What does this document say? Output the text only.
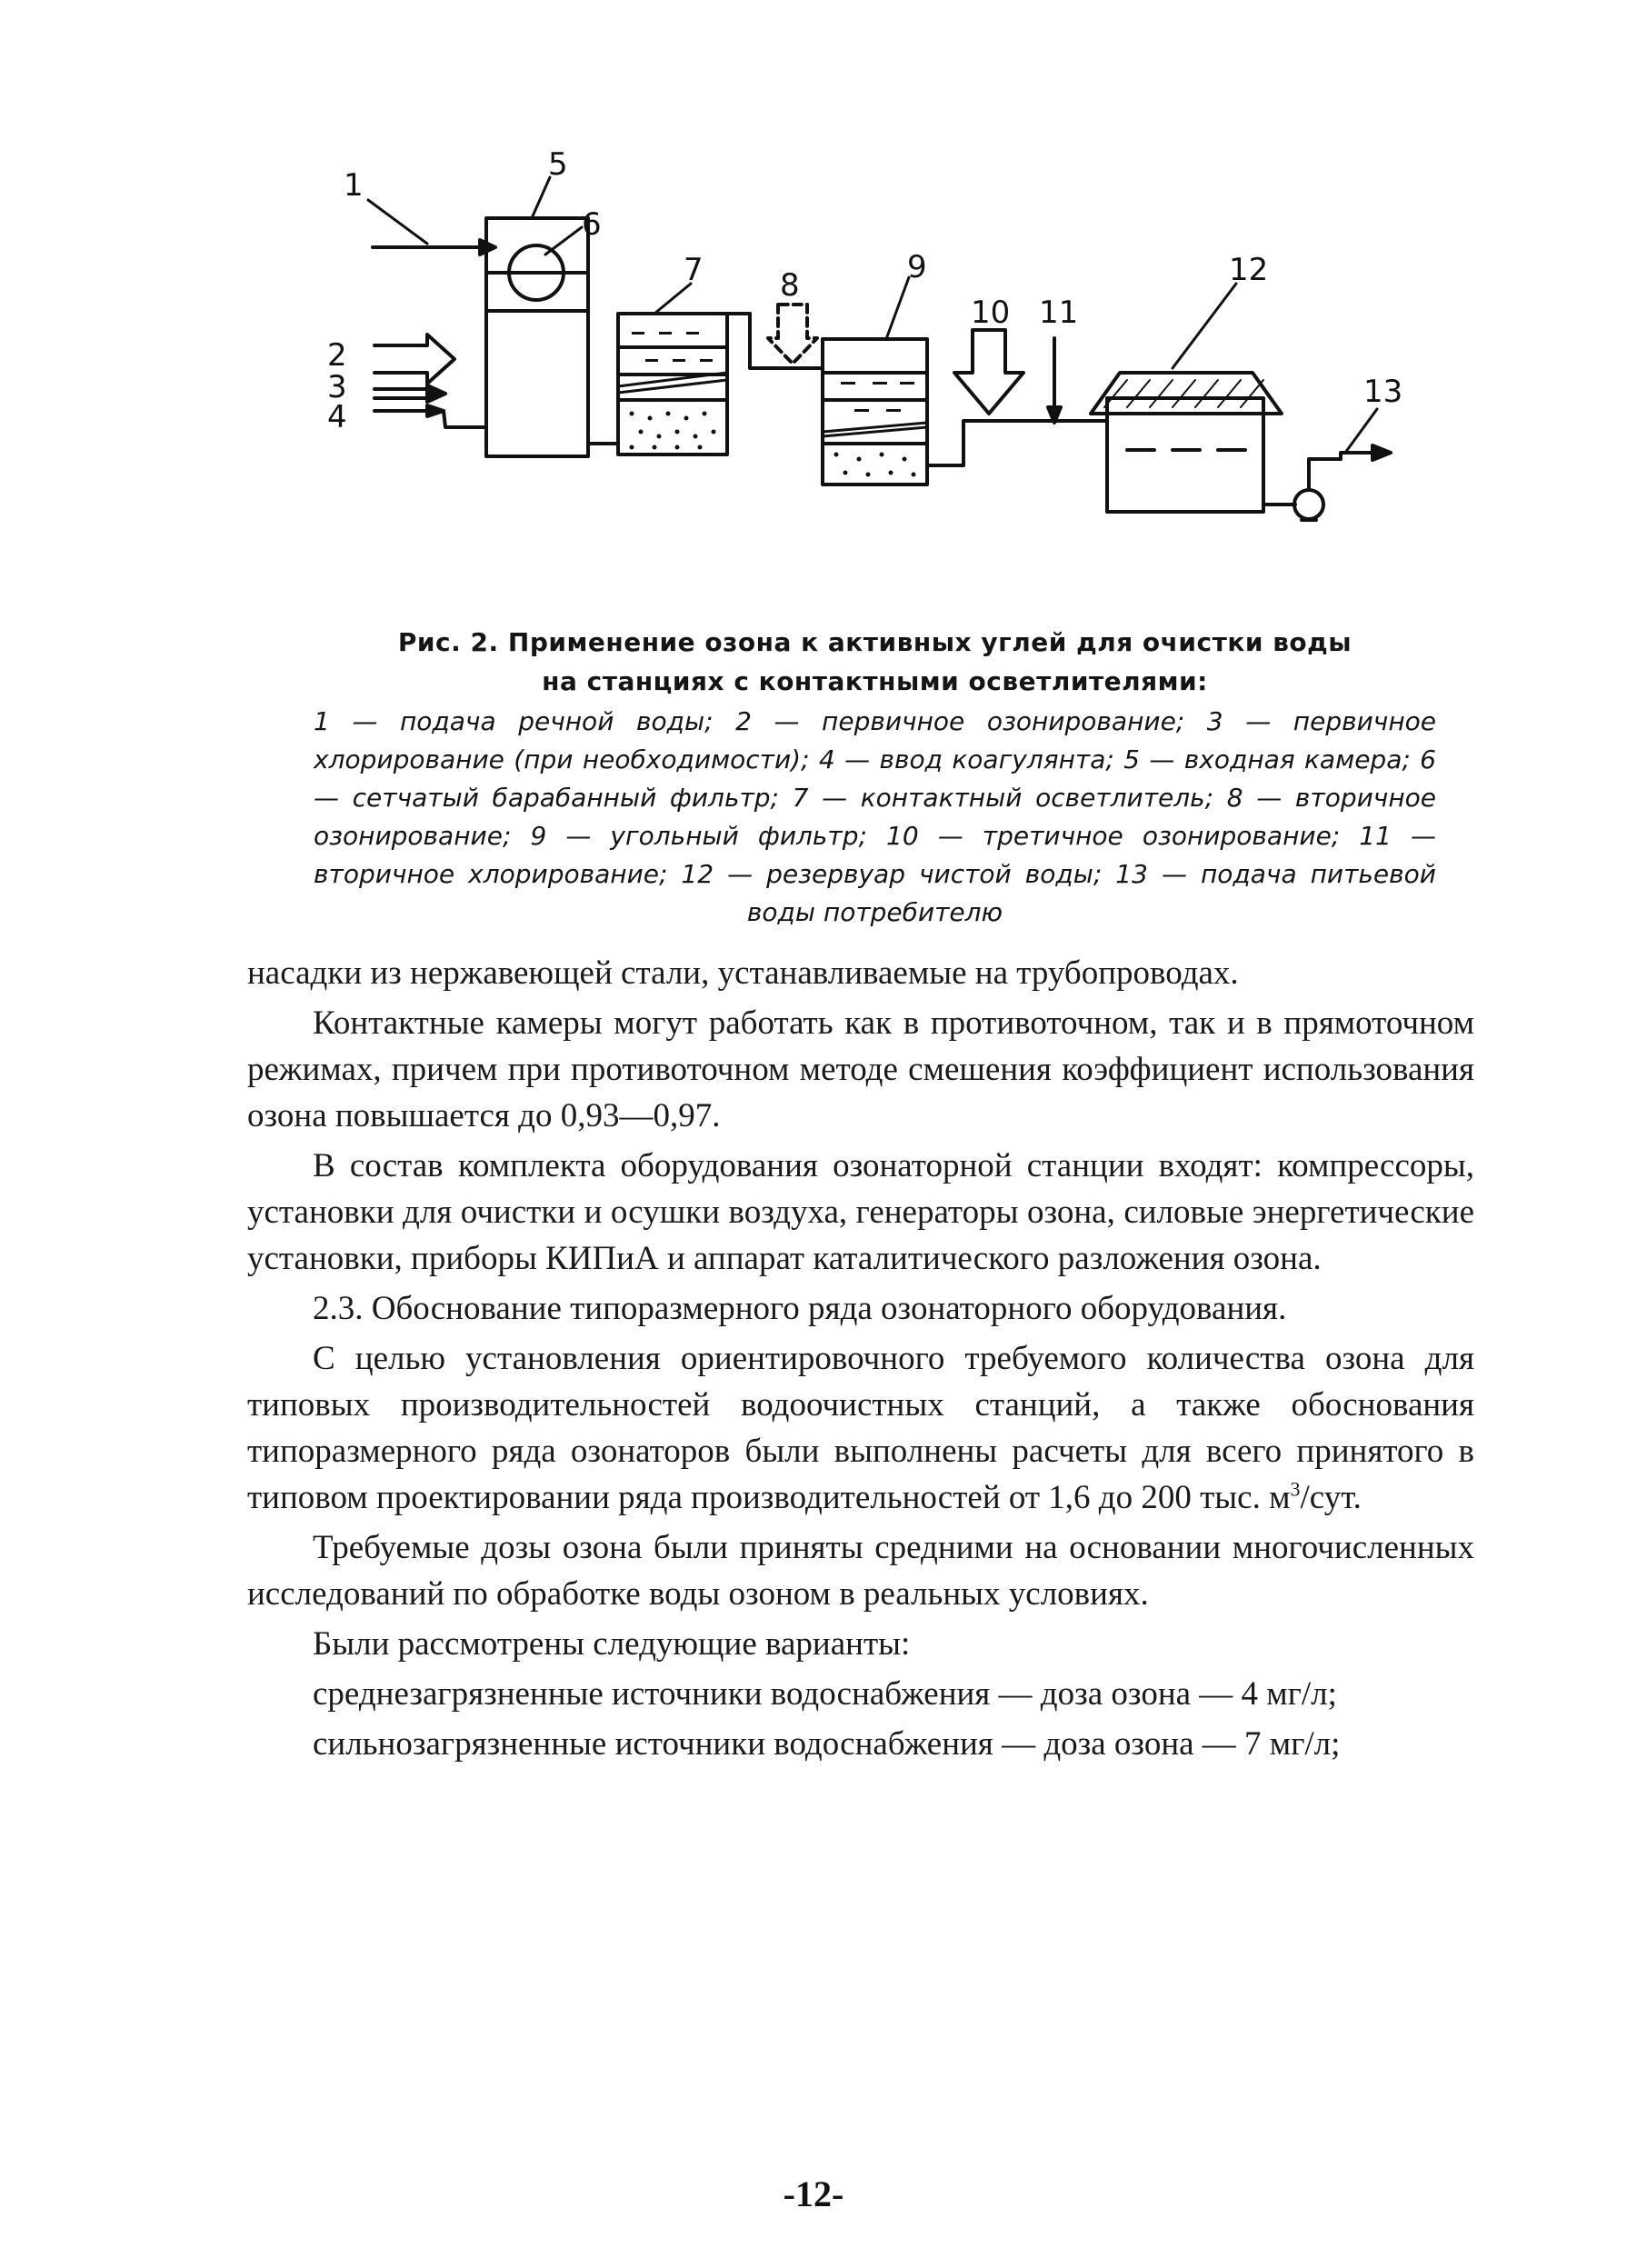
1
2
3
4
5
6
7 8	9
10 11
12
13
Рис. 2. Применение озона к активных углей для очистки воды
на станциях с контактными осветлителями:
1 — подача речной воды; 2 — первичное озонирование; 3 — первичное хлорирование (при необходимости); 4 — ввод коагулянта; 5 — входная камера; 6 — сетчатый барабанный фильтр; 7 — контактный осветлитель; 8 — вторичное озонирование; 9 — угольный фильтр; 10 — третичное озонирование; 11 — вторичное хлорирование; 12 — резервуар чистой воды; 13 — подача питьевой воды потребителю

насадки из нержавеющей стали, устанавливаемые на трубопроводах.

Контактные камеры могут работать как в противоточном, так и в прямоточном режимах, причем при противоточном методе смешения коэффициент использования озона повышается до 0,93—0,97.

В состав комплекта оборудования озонаторной станции входят: компрессоры, установки для очистки и осушки воздуха, генераторы озона, силовые энергетические установки, приборы КИПиА и аппарат каталитического разложения озона.

2.3. Обоснование типоразмерного ряда озонаторного оборудования.

С целью установления ориентировочного требуемого количества озона для типовых производительностей водоочистных станций, а также обоснования типоразмерного ряда озонаторов были выполнены расчеты для всего принятого в типовом проектировании ряда производительностей от 1,6 до 200 тыс. $м^3$/сут.

Требуемые дозы озона были приняты средними на основании многочисленных исследований по обработке воды озоном в реальных условиях.

Были рассмотрены следующие варианты:

среднезагрязненные источники водоснабжения — доза озона — 4 мг/л;

сильнозагрязненные источники водоснабжения — доза озона — 7 мг/л;

-12-
